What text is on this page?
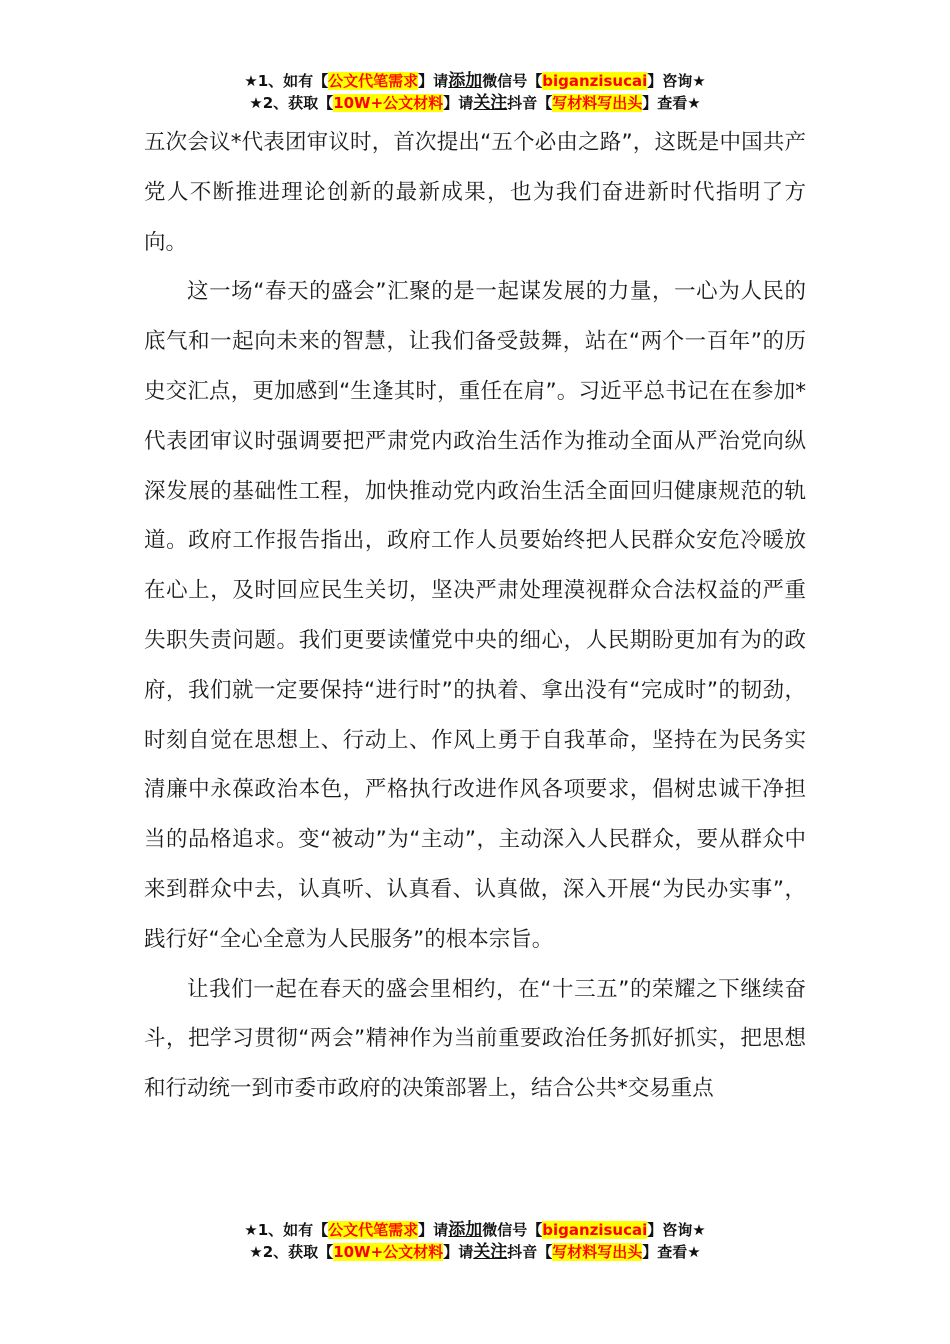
★1、如有【公文代笔需求】请添加微信号【biganzisucai】咨询★
★2、获取【10W+公文材料】请关注抖音【写材料写出头】查看★

五次会议*代表团审议时，首次提出“五个必由之路”，这既是中国共产党人不断推进理论创新的最新成果，也为我们奋进新时代指明了方向。

这一场“春天的盛会”汇聚的是一起谋发展的力量，一心为人民的底气和一起向未来的智慧，让我们备受鼓舞，站在“两个一百年”的历史交汇点，更加感到“生逢其时，重任在肩”。习近平总书记在在参加*代表团审议时强调要把严肃党内政治生活作为推动全面从严治党向纵深发展的基础性工程，加快推动党内政治生活全面回归健康规范的轨道。政府工作报告指出，政府工作人员要始终把人民群众安危冷暖放在心上，及时回应民生关切，坚决严肃处理漠视群众合法权益的严重失职失责问题。我们更要读懂党中央的细心，人民期盼更加有为的政府，我们就一定要保持“进行时”的执着、拿出没有“完成时”的韧劲，时刻自觉在思想上、行动上、作风上勇于自我革命，坚持在为民务实清廉中永葆政治本色，严格执行改进作风各项要求，倡树忠诚干净担当的品格追求。变“被动”为“主动”，主动深入人民群众，要从群众中来到群众中去，认真听、认真看、认真做，深入开展“为民办实事”，践行好“全心全意为人民服务”的根本宗旨。

让我们一起在春天的盛会里相约，在“十三五”的荣耀之下继续奋斗，把学习贯彻“两会”精神作为当前重要政治任务抓好抓实，把思想和行动统一到市委市政府的决策部署上，结合公共*交易重点

★1、如有【公文代笔需求】请添加微信号【biganzisucai】咨询★
★2、获取【10W+公文材料】请关注抖音【写材料写出头】查看★
